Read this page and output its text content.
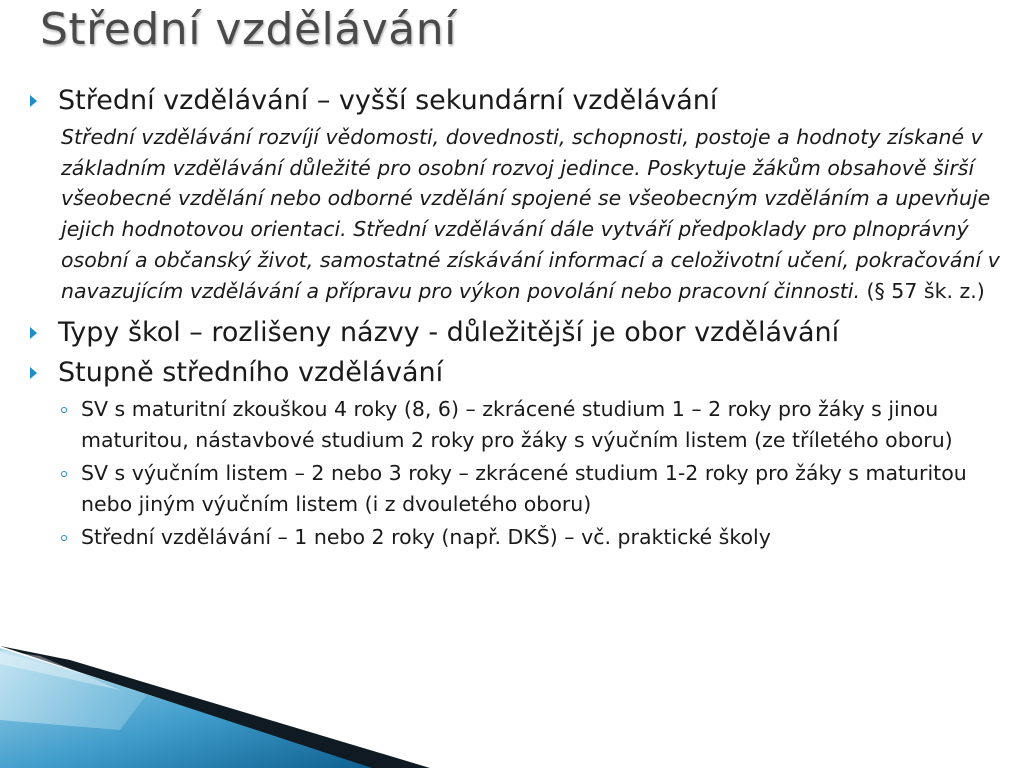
Střední vzdělávání
Střední vzdělávání – vyšší sekundární vzdělávání
Střední vzdělávání rozvíjí vědomosti, dovednosti, schopnosti, postoje a hodnoty získané v základním vzdělávání důležité pro osobní rozvoj jedince. Poskytuje žákům obsahově širší všeobecné vzdělání nebo odborné vzdělání spojené se všeobecným vzděláním a upevňuje jejich hodnotovou orientaci. Střední vzdělávání dále vytváří předpoklady pro plnoprávný osobní a občanský život, samostatné získávání informací a celoživotní učení, pokračování v navazujícím vzdělávání a přípravu pro výkon povolání nebo pracovní činnosti. (§ 57 šk. z.)
Typy škol – rozlišeny názvy - důležitější je obor vzdělávání
Stupně středního vzdělávání
SV s maturitní zkouškou 4 roky (8, 6) – zkrácené studium 1 – 2 roky pro žáky s jinou maturitou, nástavbové studium 2 roky pro žáky s výučním listem (ze tříletého oboru)
SV s výučním listem – 2 nebo 3 roky – zkrácené studium 1-2 roky pro žáky s maturitou nebo jiným výučním listem (i z dvouletého oboru)
Střední vzdělávání – 1 nebo 2 roky (např. DKŠ) – vč. praktické školy
